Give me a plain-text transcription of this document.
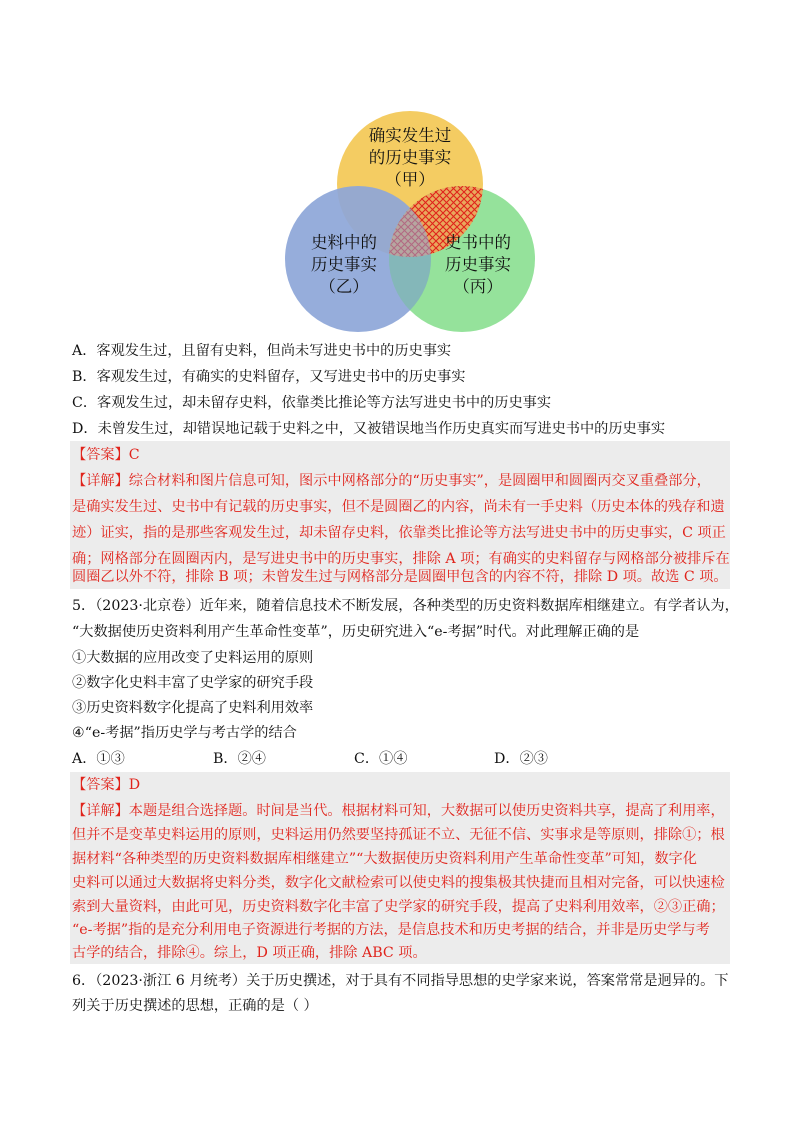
确实发生过
的历史事实
（甲）
史料中的
历史事实
（乙）
史书中的
历史事实
（丙）
A．客观发生过，且留有史料，但尚未写进史书中的历史事实
B．客观发生过，有确实的史料留存，又写进史书中的历史事实
C．客观发生过，却未留存史料，依靠类比推论等方法写进史书中的历史事实
D．未曾发生过，却错误地记载于史料之中，又被错误地当作历史真实而写进史书中的历史事实
【答案】C
【详解】综合材料和图片信息可知，图示中网格部分的“历史事实”，是圆圈甲和圆圈丙交叉重叠部分，
是确实发生过、史书中有记载的历史事实，但不是圆圈乙的内容，尚未有一手史料（历史本体的残存和遗
迹）证实，指的是那些客观发生过，却未留存史料，依靠类比推论等方法写进史书中的历史事实，C 项正
确；网格部分在圆圈丙内，是写进史书中的历史事实，排除 A 项；有确实的史料留存与网格部分被排斥在
圆圈乙以外不符，排除 B 项；未曾发生过与网格部分是圆圈甲包含的内容不符，排除 D 项。故选 C 项。
5．（2023·北京卷）近年来，随着信息技术不断发展，各种类型的历史资料数据库相继建立。有学者认为，
“大数据使历史资料利用产生革命性变革”，历史研究进入“e-考据”时代。对此理解正确的是
①大数据的应用改变了史料运用的原则
②数字化史料丰富了史学家的研究手段
③历史资料数字化提高了史料利用效率
④“e-考据”指历史学与考古学的结合
A．①③	B．②④	C．①④	D．②③
【答案】D
【详解】本题是组合选择题。时间是当代。根据材料可知，大数据可以使历史资料共享，提高了利用率，
但并不是变革史料运用的原则，史料运用仍然要坚持孤证不立、无征不信、实事求是等原则，排除①；根
据材料“各种类型的历史资料数据库相继建立”“大数据使历史资料利用产生革命性变革”可知，数字化
史料可以通过大数据将史料分类，数字化文献检索可以使史料的搜集极其快捷而且相对完备，可以快速检
索到大量资料，由此可见，历史资料数字化丰富了史学家的研究手段，提高了史料利用效率，②③正确；
“e-考据”指的是充分利用电子资源进行考据的方法，是信息技术和历史考据的结合，并非是历史学与考
古学的结合，排除④。综上，D 项正确，排除 ABC 项。
6．（2023·浙江 6 月统考）关于历史撰述，对于具有不同指导思想的史学家来说，答案常常是迥异的。下
列关于历史撰述的思想，正确的是（ ）
